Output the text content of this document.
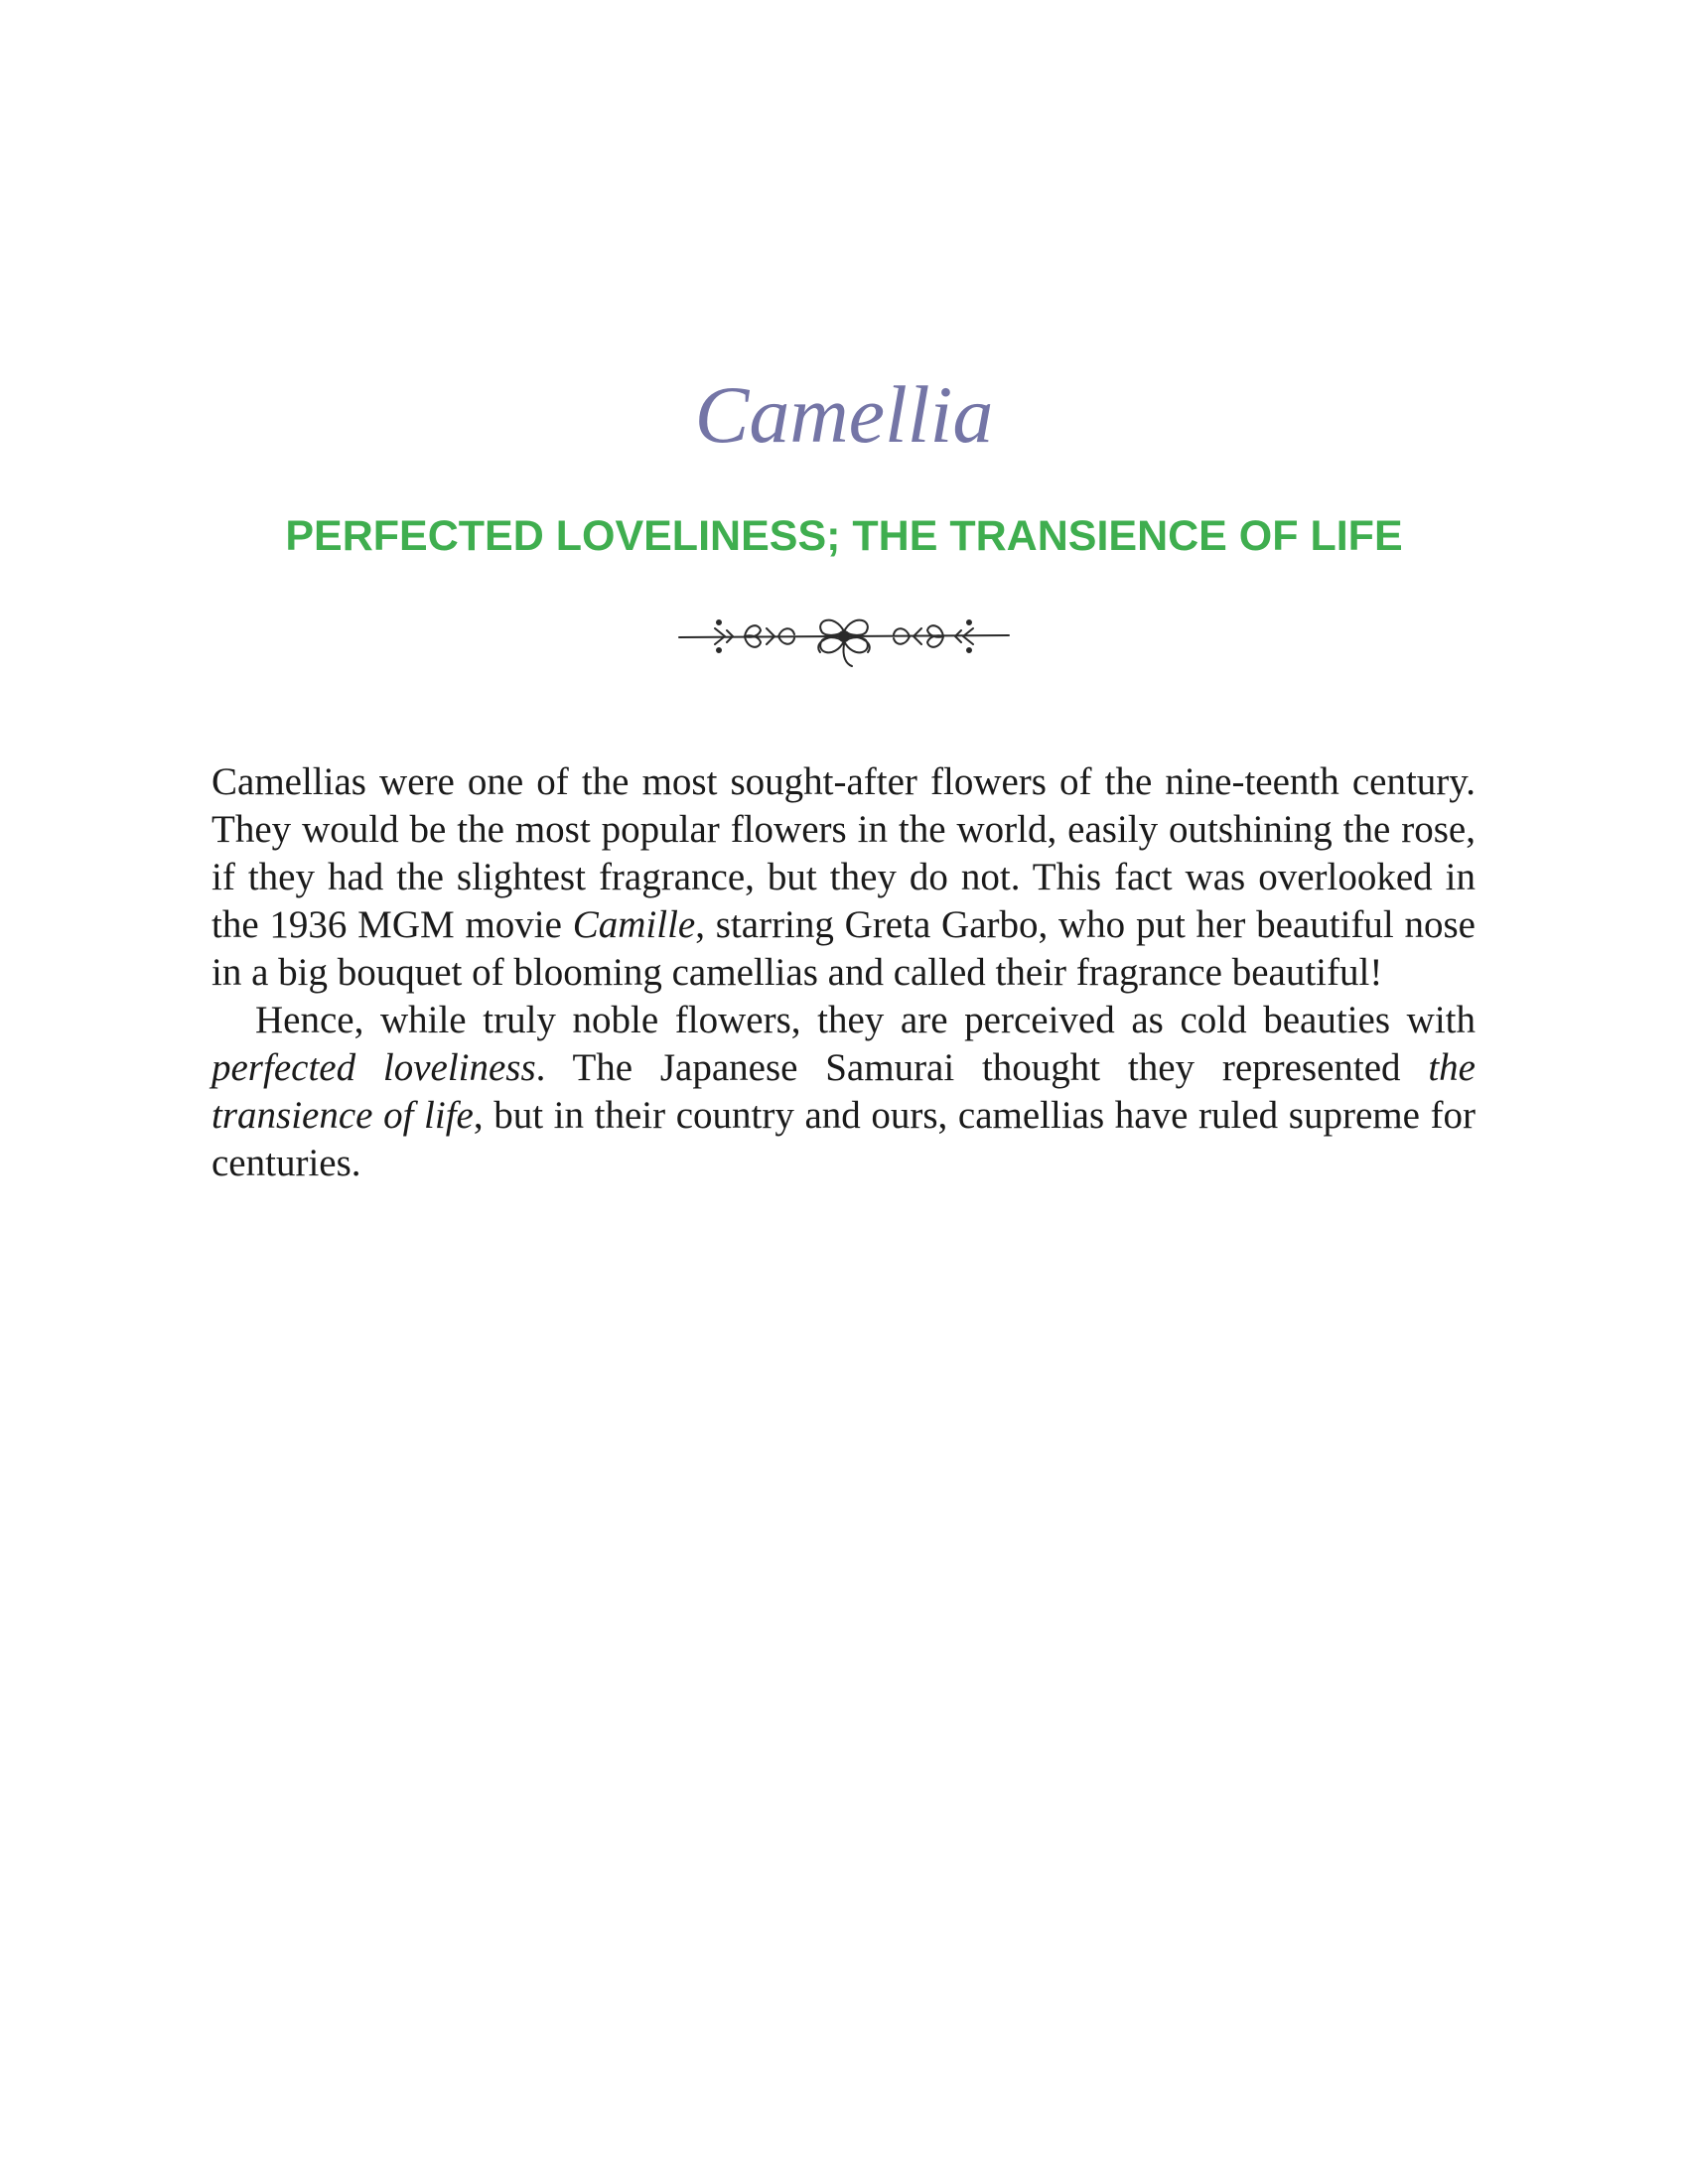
Camellia
PERFECTED LOVELINESS; THE TRANSIENCE OF LIFE

Camellias were one of the most sought-after flowers of the nine-teenth century. They would be the most popular flowers in the world, easily outshining the rose, if they had the slightest fragrance, but they do not. This fact was overlooked in the 1936 MGM movie Camille, starring Greta Garbo, who put her beautiful nose in a big bouquet of blooming camellias and called their fragrance beautiful!

Hence, while truly noble flowers, they are perceived as cold beauties with perfected loveliness. The Japanese Samurai thought they represented the transience of life, but in their country and ours, camellias have ruled supreme for centuries.
